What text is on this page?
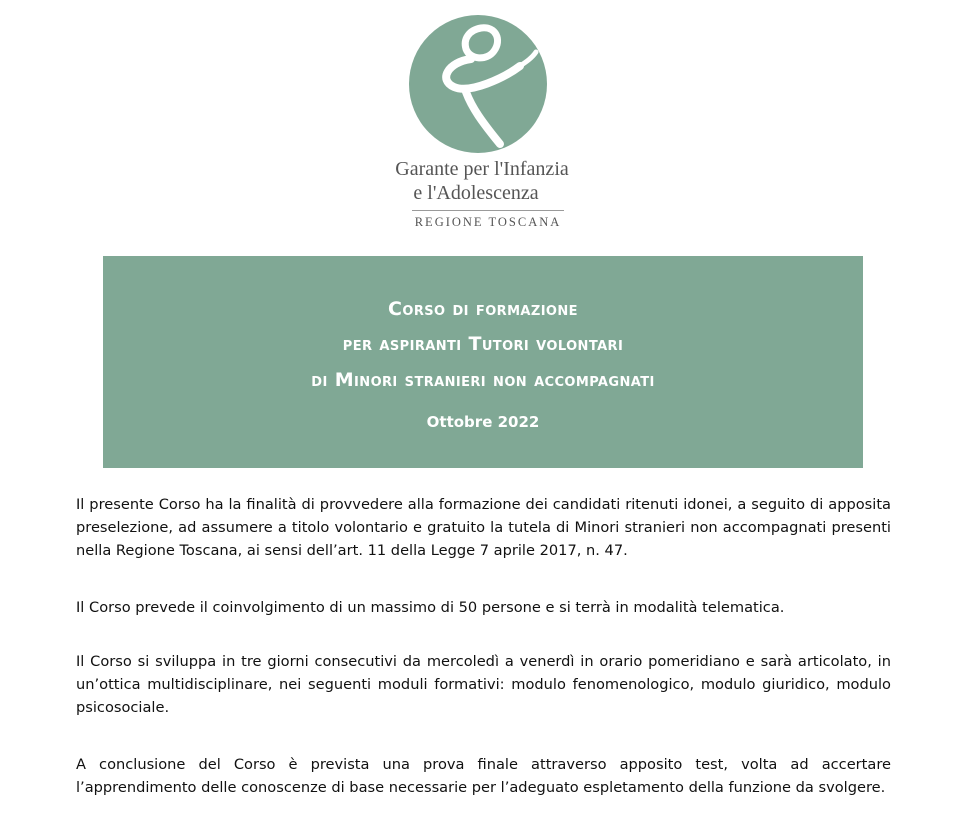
Garante per l'Infanzia
e l'Adolescenza
REGIONE TOSCANA
Corso di formazione
per aspiranti Tutori volontari
di Minori stranieri non accompagnati
Ottobre 2022

Il presente Corso ha la finalità di provvedere alla formazione dei candidati ritenuti idonei, a seguito di apposita preselezione, ad assumere a titolo volontario e gratuito la tutela di Minori stranieri non accompagnati presenti nella Regione Toscana, ai sensi dell’art. 11 della Legge 7 aprile 2017, n. 47.

Il Corso prevede il coinvolgimento di un massimo di 50 persone e si terrà in modalità telematica.

Il Corso si sviluppa in tre giorni consecutivi da mercoledì a venerdì in orario pomeridiano e sarà articolato, in un’ottica multidisciplinare, nei seguenti moduli formativi: modulo fenomenologico, modulo giuridico, modulo psicosociale.

A conclusione del Corso è prevista una prova finale attraverso apposito test, volta ad accertare l’apprendimento delle conoscenze di base necessarie per l’adeguato espletamento della funzione da svolgere.
